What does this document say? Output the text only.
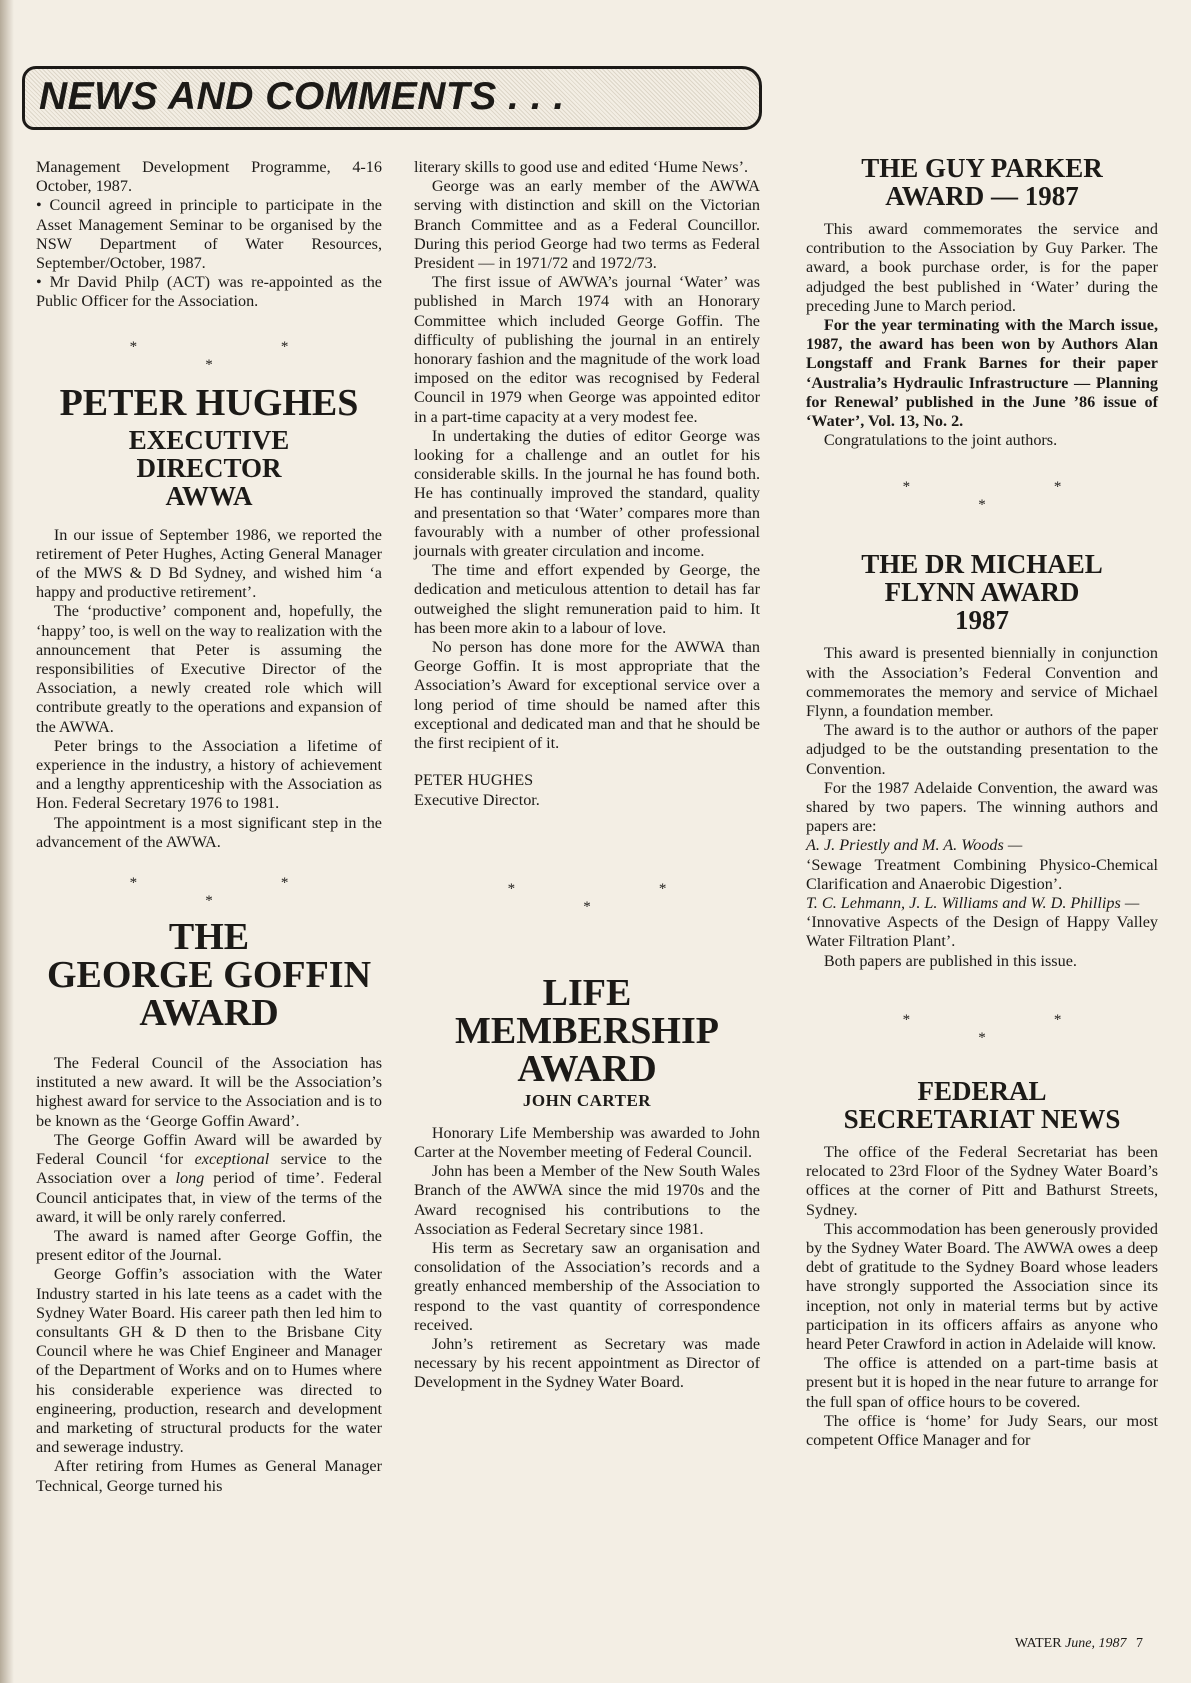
NEWS AND COMMENTS . . .

Management Development Programme, 4-16 October, 1987.

• Council agreed in principle to participate in the Asset Management Seminar to be organised by the NSW Department of Water Resources, September/October, 1987.

• Mr David Philp (ACT) was re-appointed as the Public Officer for the Association.

* * *
PETER HUGHES
EXECUTIVE
DIRECTOR
AWWA

In our issue of September 1986, we reported the retirement of Peter Hughes, Acting General Manager of the MWS & D Bd Sydney, and wished him ‘a happy and productive retirement’.

The ‘productive’ component and, hopefully, the ‘happy’ too, is well on the way to realization with the announcement that Peter is assuming the responsibilities of Executive Director of the Association, a newly created role which will contribute greatly to the operations and expansion of the AWWA.

Peter brings to the Association a lifetime of experience in the industry, a history of achievement and a lengthy apprenticeship with the Association as Hon. Federal Secretary 1976 to 1981.

The appointment is a most significant step in the advancement of the AWWA.

* * *
THE
GEORGE GOFFIN
AWARD

The Federal Council of the Association has instituted a new award. It will be the Association’s highest award for service to the Association and is to be known as the ‘George Goffin Award’.

The George Goffin Award will be awarded by Federal Council ‘for exceptional service to the Association over a long period of time’. Federal Council anticipates that, in view of the terms of the award, it will be only rarely conferred.

The award is named after George Goffin, the present editor of the Journal.

George Goffin’s association with the Water Industry started in his late teens as a cadet with the Sydney Water Board. His career path then led him to consultants GH & D then to the Brisbane City Council where he was Chief Engineer and Manager of the Department of Works and on to Humes where his considerable experience was directed to engineering, production, research and development and marketing of structural products for the water and sewerage industry.

After retiring from Humes as General Manager Technical, George turned his

literary skills to good use and edited ‘Hume News’.

George was an early member of the AWWA serving with distinction and skill on the Victorian Branch Committee and as a Federal Councillor. During this period George had two terms as Federal President — in 1971/72 and 1972/73.

The first issue of AWWA’s journal ‘Water’ was published in March 1974 with an Honorary Committee which included George Goffin. The difficulty of publishing the journal in an entirely honorary fashion and the magnitude of the work load imposed on the editor was recognised by Federal Council in 1979 when George was appointed editor in a part-time capacity at a very modest fee.

In undertaking the duties of editor George was looking for a challenge and an outlet for his considerable skills. In the journal he has found both. He has continually improved the standard, quality and presentation so that ‘Water’ compares more than favourably with a number of other professional journals with greater circulation and income.

The time and effort expended by George, the dedication and meticulous attention to detail has far outweighed the slight remuneration paid to him. It has been more akin to a labour of love.

No person has done more for the AWWA than George Goffin. It is most appropriate that the Association’s Award for exceptional service over a long period of time should be named after this exceptional and dedicated man and that he should be the first recipient of it.

PETER HUGHES

Executive Director.

* * *
LIFE
MEMBERSHIP
AWARD
JOHN CARTER

Honorary Life Membership was awarded to John Carter at the November meeting of Federal Council.

John has been a Member of the New South Wales Branch of the AWWA since the mid 1970s and the Award recognised his contributions to the Association as Federal Secretary since 1981.

His term as Secretary saw an organisation and consolidation of the Association’s records and a greatly enhanced membership of the Association to respond to the vast quantity of correspondence received.

John’s retirement as Secretary was made necessary by his recent appointment as Director of Development in the Sydney Water Board.

THE GUY PARKER
AWARD — 1987

This award commemorates the service and contribution to the Association by Guy Parker. The award, a book purchase order, is for the paper adjudged the best published in ‘Water’ during the preceding June to March period.

For the year terminating with the March issue, 1987, the award has been won by Authors Alan Longstaff and Frank Barnes for their paper ‘Australia’s Hydraulic Infrastructure — Planning for Renewal’ published in the June ’86 issue of ‘Water’, Vol. 13, No. 2.

Congratulations to the joint authors.

* * *
THE DR MICHAEL
FLYNN AWARD
1987

This award is presented biennially in conjunction with the Association’s Federal Convention and commemorates the memory and service of Michael Flynn, a foundation member.

The award is to the author or authors of the paper adjudged to be the outstanding presentation to the Convention.

For the 1987 Adelaide Convention, the award was shared by two papers. The winning authors and papers are:

A. J. Priestly and M. A. Woods —

‘Sewage Treatment Combining Physico-Chemical Clarification and Anaerobic Digestion’.

T. C. Lehmann, J. L. Williams and W. D. Phillips —

‘Innovative Aspects of the Design of Happy Valley Water Filtration Plant’.

Both papers are published in this issue.

* * *
FEDERAL
SECRETARIAT NEWS

The office of the Federal Secretariat has been relocated to 23rd Floor of the Sydney Water Board’s offices at the corner of Pitt and Bathurst Streets, Sydney.

This accommodation has been generously provided by the Sydney Water Board. The AWWA owes a deep debt of gratitude to the Sydney Board whose leaders have strongly supported the Association since its inception, not only in material terms but by active participation in its officers affairs as anyone who heard Peter Crawford in action in Adelaide will know.

The office is attended on a part-time basis at present but it is hoped in the near future to arrange for the full span of office hours to be covered.

The office is ‘home’ for Judy Sears, our most competent Office Manager and for

WATER June, 1987 7
